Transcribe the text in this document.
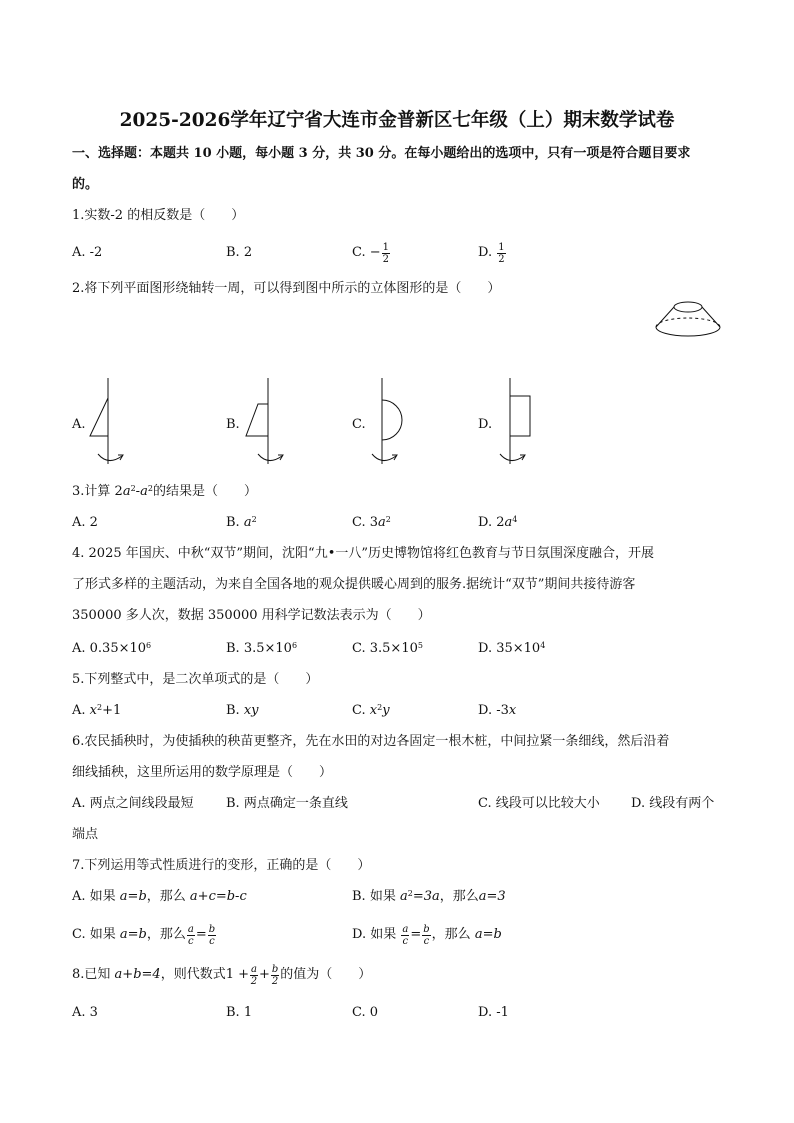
2025-2026学年辽宁省大连市金普新区七年级（上）期末数学试卷
一、选择题：本题共 10 小题，每小题 3 分，共 30 分。在每小题给出的选项中，只有一项是符合题目要求
的。
1.实数-2 的相反数是（　　）
A. -2	B. 2	C. − $\frac{1}{2}$	D.
$\frac{1}{2}$
2.将下列平面图形绕轴转一周，可以得到图中所示的立体图形的是（　　）
A.	B.	C.	D.
3.计算 $2a^2-a^2$的结果是（　　）
A. 2	B. $a^2$	C. $3a^2$	D. $2a^4$
4. 2025 年国庆、中秋“双节”期间，沈阳“九•一八”历史博物馆将红色教育与节日氛围深度融合，开展
了形式多样的主题活动，为来自全国各地的观众提供暖心周到的服务.据统计“双节”期间共接待游客
350000 多人次，数据 350000 用科学记数法表示为（　　）
A. $0.35\times 10^6$	B. $3.5\times 10^6$	C. $3.5\times 10^5$	D. $35\times 10^4$
5.下列整式中，是二次单项式的是（　　）
A. $x^2+1$	B. xy	C. $x^2y$	D. -3x
6.农民插秧时，为使插秧的秧苗更整齐，先在水田的对边各固定一根木桩，中间拉紧一条细线，然后沿着
细线插秧，这里所运用的数学原理是（　　）
A. 两点之间线段最短 B. 两点确定一条直线	C. 线段可以比较大小 D. 线段有两个
端点
7.下列运用等式性质进行的变形，正确的是（　　）
A. 如果 a=b，那么 a+c=b-c	B. 如果 $a^2=3a$，那么a=3
C. 如果
a=b ，那么 $\frac{a}{c} = \frac{b}{c}$	D. 如果
$\frac{a}{c} = \frac{b}{c}$ ，那么
a=b
8.已知
a+b=4 ，则代数式 $1 + \frac{a}{2} + \frac{b}{2}$ 的值为（　　）
A. 3	B. 1	C. 0	D. -1
